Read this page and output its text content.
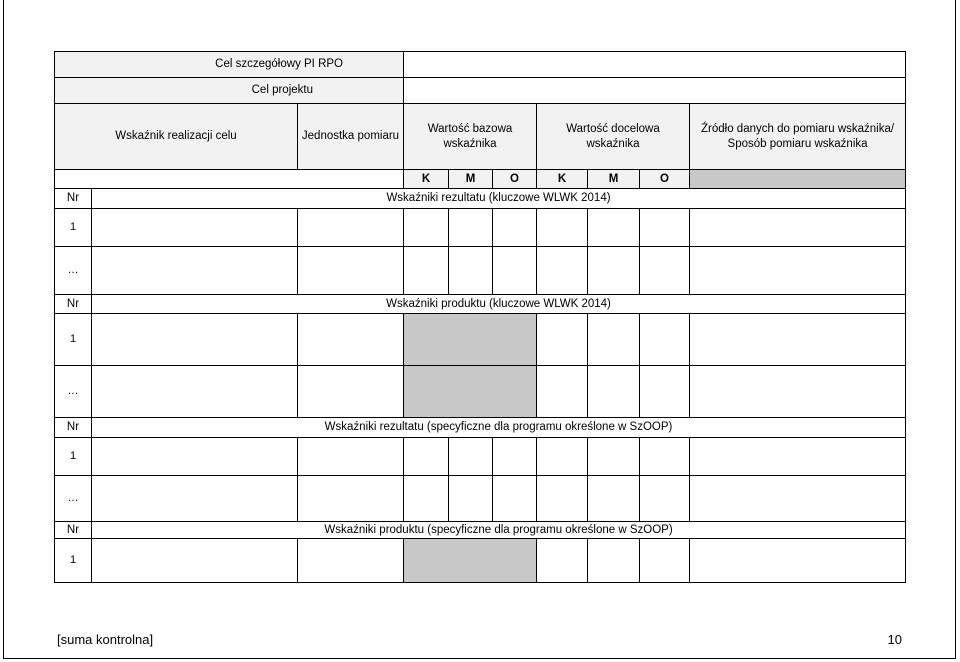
Cel szczegółowy PI RPO								
Cel projektu								
Wskaźnik realizacji celu	Jednostka pomiaru	Wartość bazowa wskaźnika			Wartość docelowa wskaźnika			Źródło danych do pomiaru wskaźnika/ Sposób pomiaru wskaźnika
		K	M	O	K	M	O	
Nr	Wskaźniki rezultatu (kluczowe WLWK 2014)								
1									
…									
Nr	Wskaźniki produktu (kluczowe WLWK 2014)								
1									
…									
Nr	Wskaźniki rezultatu (specyficzne dla programu określone w SzOOP)								
1									
…									
Nr	Wskaźniki produktu (specyficzne dla programu określone w SzOOP)								
1									
[suma kontrolna]	10
